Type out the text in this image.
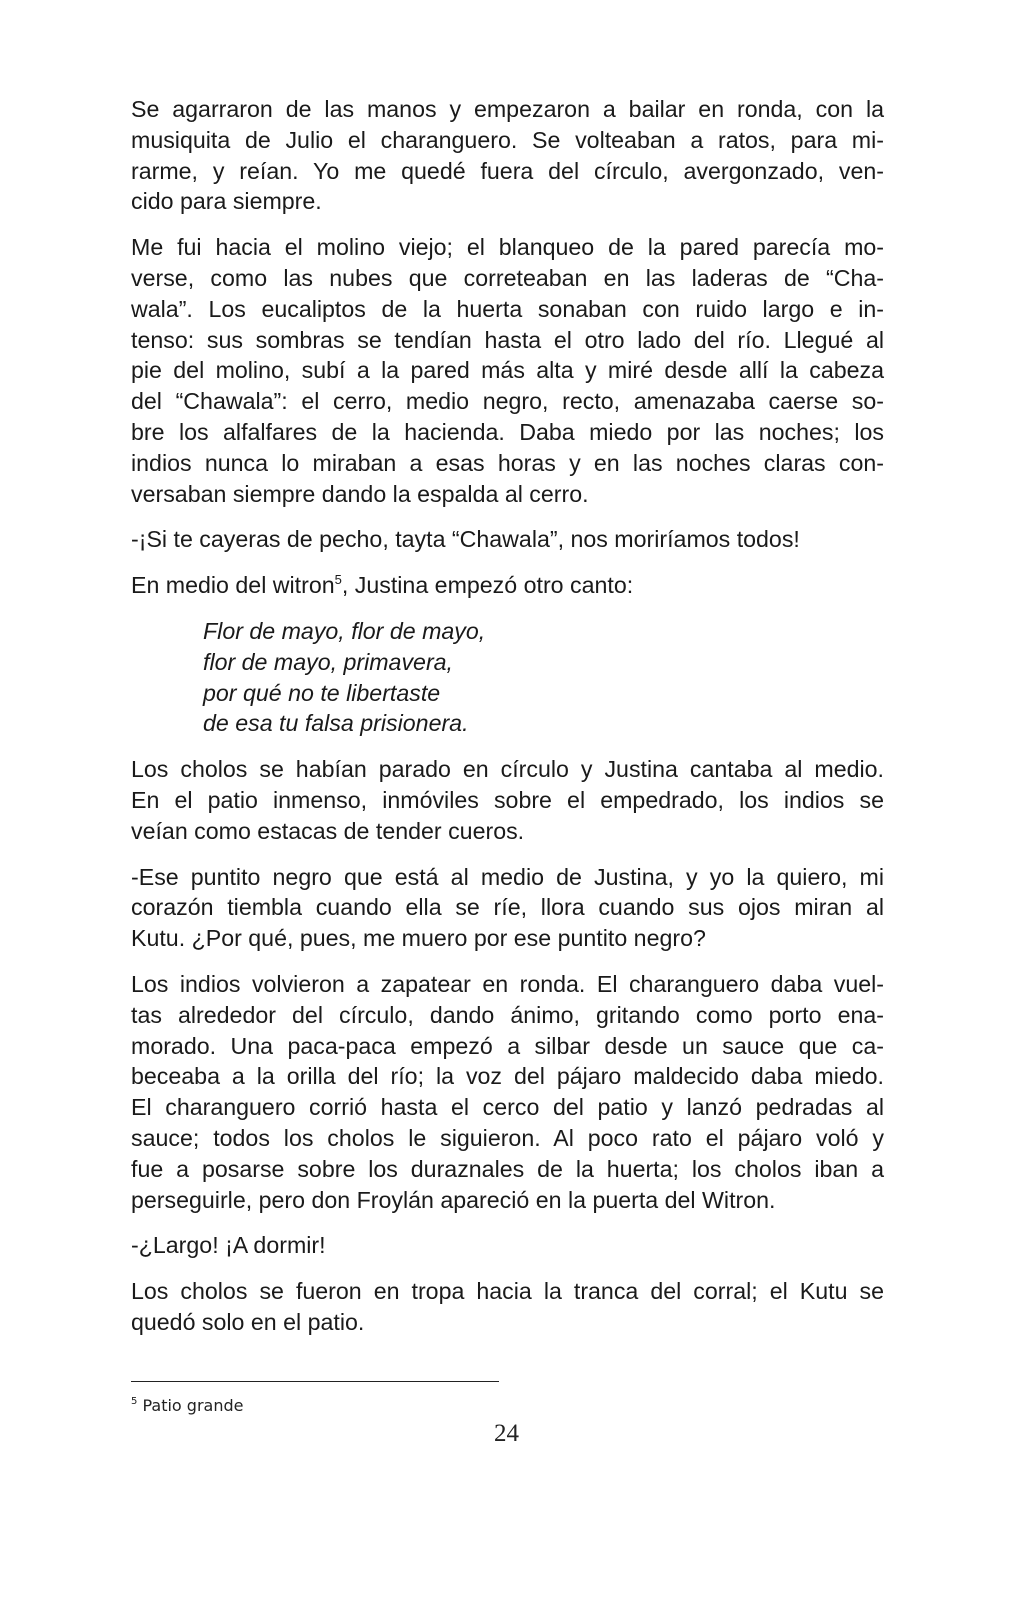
Se agarraron de las manos y empezaron a bailar en ronda, con la
musiquita de Julio el charanguero. Se volteaban a ratos, para mi-
rarme, y reían. Yo me quedé fuera del círculo, avergonzado, ven-
cido para siempre.

Me fui hacia el molino viejo; el blanqueo de la pared parecía mo-
verse, como las nubes que correteaban en las laderas de “Cha-
wala”. Los eucaliptos de la huerta sonaban con ruido largo e in-
tenso: sus sombras se tendían hasta el otro lado del río. Llegué al
pie del molino, subí a la pared más alta y miré desde allí la cabeza
del “Chawala”: el cerro, medio negro, recto, amenazaba caerse so-
bre los alfalfares de la hacienda. Daba miedo por las noches; los
indios nunca lo miraban a esas horas y en las noches claras con-
versaban siempre dando la espalda al cerro.

-¡Si te cayeras de pecho, tayta “Chawala”, nos moriríamos todos!

En medio del witron$^5$, Justina empezó otro canto:

Flor de mayo, flor de mayo,
flor de mayo, primavera,
por qué no te libertaste
de esa tu falsa prisionera.

Los cholos se habían parado en círculo y Justina cantaba al medio.
En el patio inmenso, inmóviles sobre el empedrado, los indios se
veían como estacas de tender cueros.

-Ese puntito negro que está al medio de Justina, y yo la quiero, mi
corazón tiembla cuando ella se ríe, llora cuando sus ojos miran al
Kutu. ¿Por qué, pues, me muero por ese puntito negro?

Los indios volvieron a zapatear en ronda. El charanguero daba vuel-
tas alrededor del círculo, dando ánimo, gritando como porto ena-
morado. Una paca-paca empezó a silbar desde un sauce que ca-
beceaba a la orilla del río; la voz del pájaro maldecido daba miedo.
El charanguero corrió hasta el cerco del patio y lanzó pedradas al
sauce; todos los cholos le siguieron. Al poco rato el pájaro voló y
fue a posarse sobre los duraznales de la huerta; los cholos iban a
perseguirle, pero don Froylán apareció en la puerta del Witron.

-¿Largo! ¡A dormir!

Los cholos se fueron en tropa hacia la tranca del corral; el Kutu se
quedó solo en el patio.

$^5$ Patio grande
24
